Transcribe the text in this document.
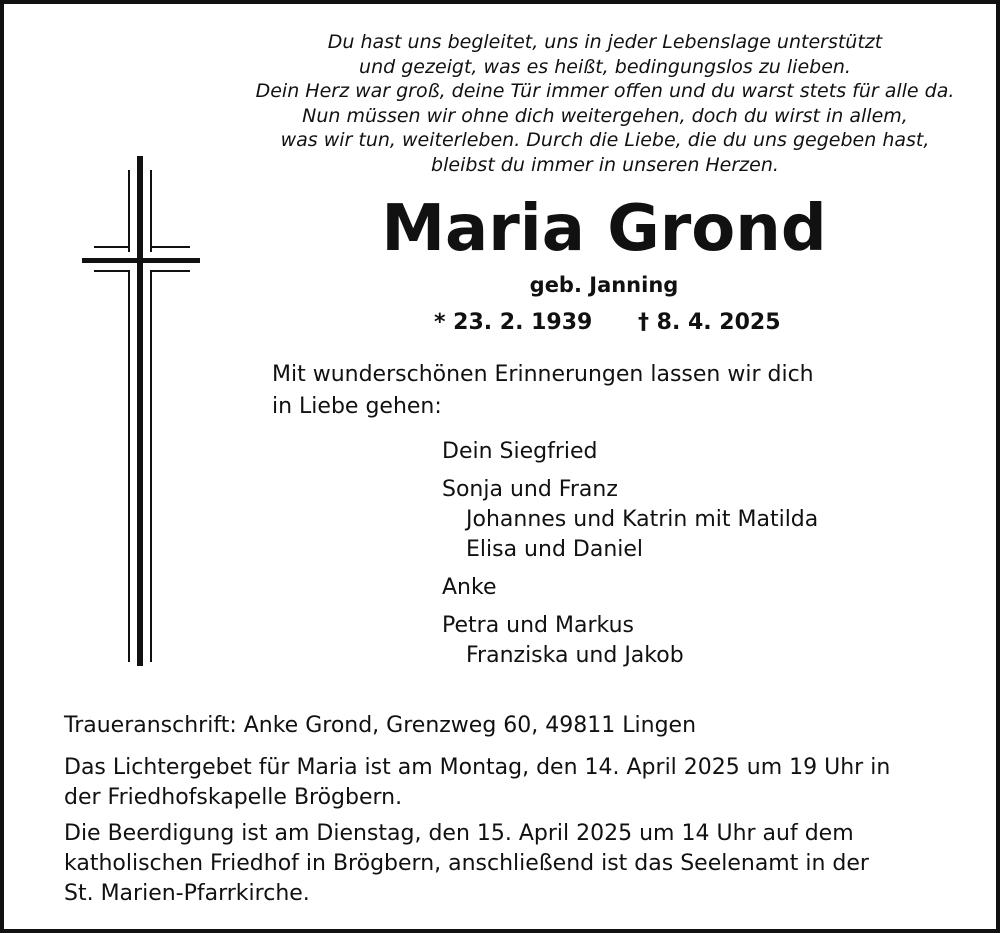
Du hast uns begleitet, uns in jeder Lebenslage unterstützt
und gezeigt, was es heißt, bedingungslos zu lieben.
Dein Herz war groß, deine Tür immer offen und du warst stets für alle da.
Nun müssen wir ohne dich weitergehen, doch du wirst in allem,
was wir tun, weiterleben. Durch die Liebe, die du uns gegeben hast,
bleibst du immer in unseren Herzen.
Maria Grond
geb. Janning
* 23. 2. 1939 † 8. 4. 2025
Mit wunderschönen Erinnerungen lassen wir dich
in Liebe gehen:
Dein Siegfried
Sonja und Franz
Johannes und Katrin mit Matilda
Elisa und Daniel
Anke
Petra und Markus
Franziska und Jakob
Traueranschrift: Anke Grond, Grenzweg 60, 49811 Lingen
Das Lichtergebet für Maria ist am Montag, den 14. April 2025 um 19 Uhr in
der Friedhofskapelle Brögbern.
Die Beerdigung ist am Dienstag, den 15. April 2025 um 14 Uhr auf dem
katholischen Friedhof in Brögbern, anschließend ist das Seelenamt in der
St. Marien-Pfarrkirche.
